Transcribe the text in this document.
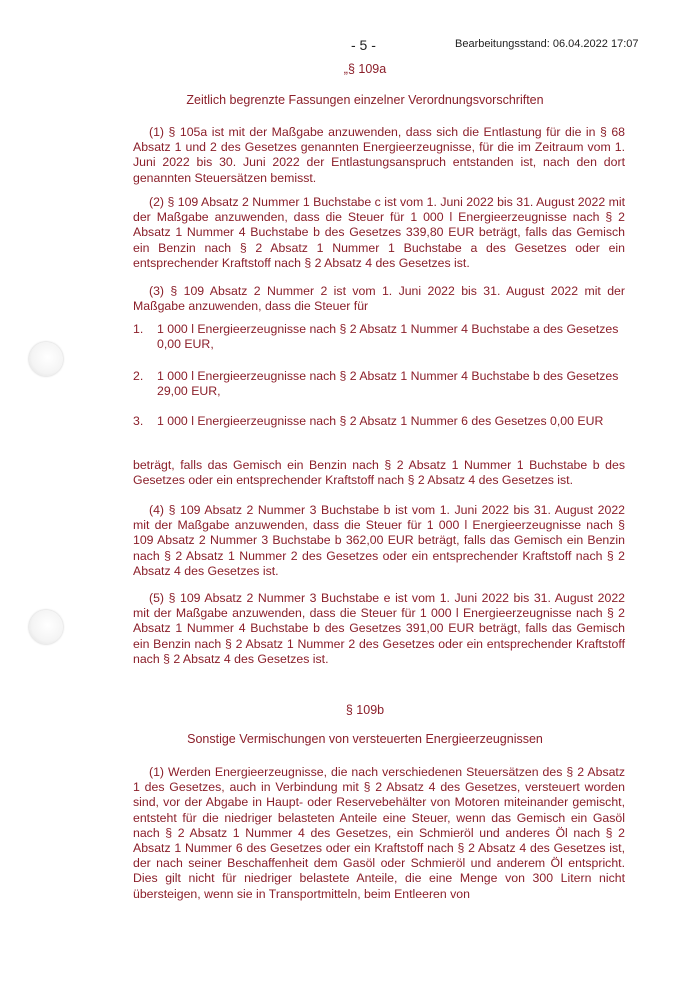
- 5 -	Bearbeitungsstand: 06.04.2022 17:07
„§ 109a
Zeitlich begrenzte Fassungen einzelner Verordnungsvorschriften
(1) § 105a ist mit der Maßgabe anzuwenden, dass sich die Entlastung für die in § 68 Absatz 1 und 2 des Gesetzes genannten Energieerzeugnisse, für die im Zeitraum vom 1. Juni 2022 bis 30. Juni 2022 der Entlastungsanspruch entstanden ist, nach den dort genannten Steuersätzen bemisst.
(2) § 109 Absatz 2 Nummer 1 Buchstabe c ist vom 1. Juni 2022 bis 31. August 2022 mit der Maßgabe anzuwenden, dass die Steuer für 1 000 l Energieerzeugnisse nach § 2 Absatz 1 Nummer 4 Buchstabe b des Gesetzes 339,80 EUR beträgt, falls das Gemisch ein Benzin nach § 2 Absatz 1 Nummer 1 Buchstabe a des Gesetzes oder ein entsprechender Kraftstoff nach § 2 Absatz 4 des Gesetzes ist.
(3) § 109 Absatz 2 Nummer 2 ist vom 1. Juni 2022 bis 31. August 2022 mit der Maßgabe anzuwenden, dass die Steuer für
1. 1 000 l Energieerzeugnisse nach § 2 Absatz 1 Nummer 4 Buchstabe a des Gesetzes 0,00 EUR,
2. 1 000 l Energieerzeugnisse nach § 2 Absatz 1 Nummer 4 Buchstabe b des Gesetzes 29,00 EUR,
3. 1 000 l Energieerzeugnisse nach § 2 Absatz 1 Nummer 6 des Gesetzes 0,00 EUR
beträgt, falls das Gemisch ein Benzin nach § 2 Absatz 1 Nummer 1 Buchstabe b des Gesetzes oder ein entsprechender Kraftstoff nach § 2 Absatz 4 des Gesetzes ist.
(4) § 109 Absatz 2 Nummer 3 Buchstabe b ist vom 1. Juni 2022 bis 31. August 2022 mit der Maßgabe anzuwenden, dass die Steuer für 1 000 l Energieerzeugnisse nach § 109 Absatz 2 Nummer 3 Buchstabe b 362,00 EUR beträgt, falls das Gemisch ein Benzin nach § 2 Absatz 1 Nummer 2 des Gesetzes oder ein entsprechender Kraftstoff nach § 2 Absatz 4 des Gesetzes ist.
(5) § 109 Absatz 2 Nummer 3 Buchstabe e ist vom 1. Juni 2022 bis 31. August 2022 mit der Maßgabe anzuwenden, dass die Steuer für 1 000 l Energieerzeugnisse nach § 2 Absatz 1 Nummer 4 Buchstabe b des Gesetzes 391,00 EUR beträgt, falls das Gemisch ein Benzin nach § 2 Absatz 1 Nummer 2 des Gesetzes oder ein entsprechender Kraftstoff nach § 2 Absatz 4 des Gesetzes ist.
§ 109b
Sonstige Vermischungen von versteuerten Energieerzeugnissen
(1) Werden Energieerzeugnisse, die nach verschiedenen Steuersätzen des § 2 Absatz 1 des Gesetzes, auch in Verbindung mit § 2 Absatz 4 des Gesetzes, versteuert worden sind, vor der Abgabe in Haupt- oder Reservebehälter von Motoren miteinander gemischt, entsteht für die niedriger belasteten Anteile eine Steuer, wenn das Gemisch ein Gasöl nach § 2 Absatz 1 Nummer 4 des Gesetzes, ein Schmieröl und anderes Öl nach § 2 Absatz 1 Nummer 6 des Gesetzes oder ein Kraftstoff nach § 2 Absatz 4 des Gesetzes ist, der nach seiner Beschaffenheit dem Gasöl oder Schmieröl und anderem Öl entspricht. Dies gilt nicht für niedriger belastete Anteile, die eine Menge von 300 Litern nicht übersteigen, wenn sie in Transportmitteln, beim Entleeren von
